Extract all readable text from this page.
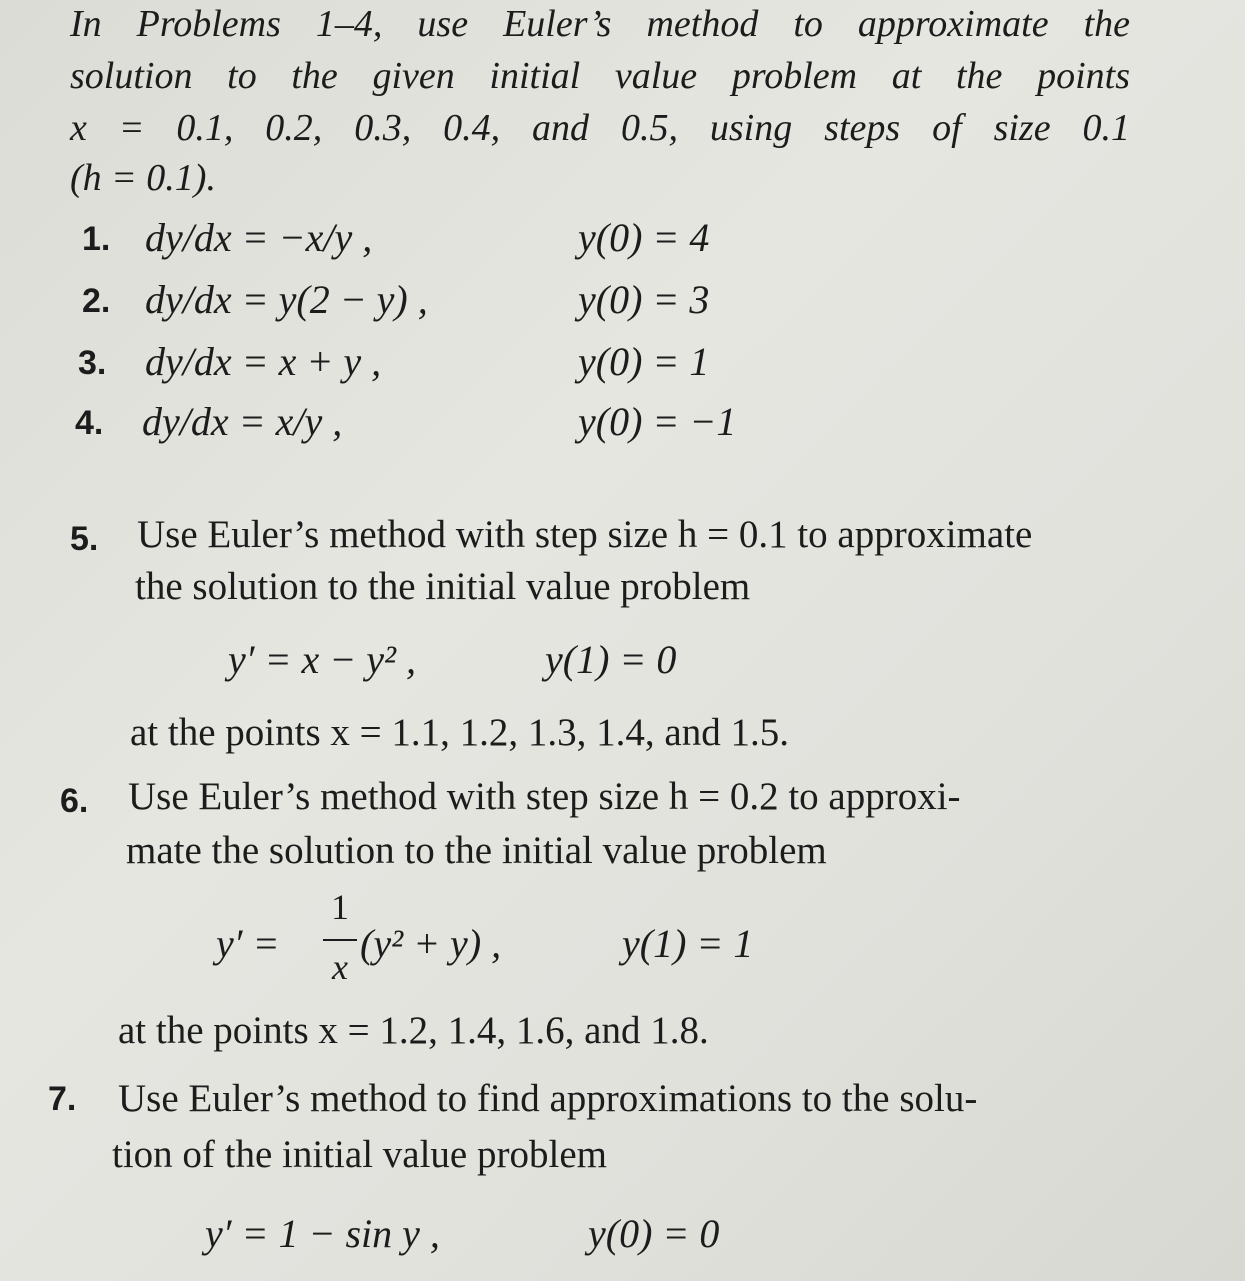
In Problems 1–4, use Euler’s method to approximate the
solution to the given initial value problem at the points
x = 0.1, 0.2, 0.3, 0.4, and 0.5, using steps of size 0.1
(h = 0.1).
1. dy/dx = −x/y ,	y(0) = 4
2. dy/dx = y(2 − y) ,	y(0) = 3
3. dy/dx = x + y ,	y(0) = 1
4. dy/dx = x/y ,	y(0) = −1
5. Use Euler’s method with step size h = 0.1 to approximate
the solution to the initial value problem
y′ = x − y² ,	y(1) = 0
at the points x = 1.1, 1.2, 1.3, 1.4, and 1.5.
6. Use Euler’s method with step size h = 0.2 to approxi-
mate the solution to the initial value problem
y′ =
1
x
(y² + y) ,	y(1) = 1
at the points x = 1.2, 1.4, 1.6, and 1.8.
7. Use Euler’s method to find approximations to the solu-
tion of the initial value problem
y′ = 1 − sin y ,	y(0) = 0
